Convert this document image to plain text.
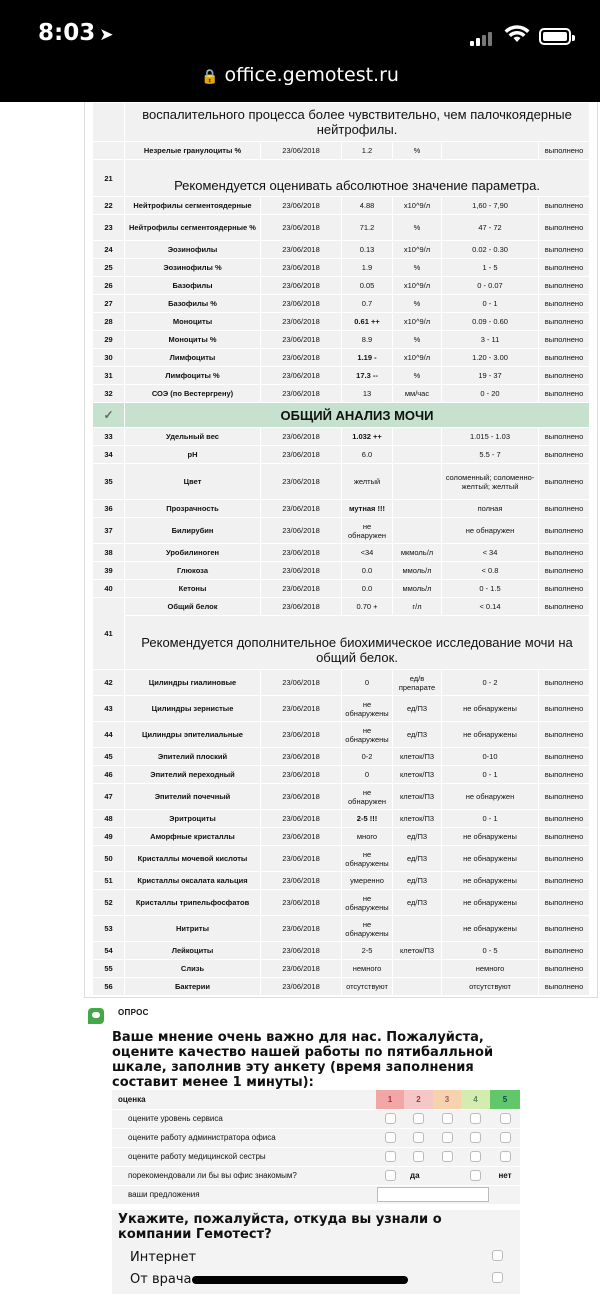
8:03 ➤
🔒 office.gemotest.ru
	воспалительного процесса более чувствительно, чем палочкоядерные нейтрофилы.					
	Незрелые гранулоциты %	23/06/2018	1.2	%		выполнено
21	Рекомендуется оценивать абсолютное значение параметра.					
22	Нейтрофилы сегментоядерные	23/06/2018	4.88	x10^9/л	1,60 - 7,90	выполнено
23	Нейтрофилы сегментоядерные %	23/06/2018	71.2	%	47 - 72	выполнено
24	Эозинофилы	23/06/2018	0.13	x10^9/л	0.02 - 0.30	выполнено
25	Эозинофилы %	23/06/2018	1.9	%	1 - 5	выполнено
26	Базофилы	23/06/2018	0.05	x10^9/л	0 - 0.07	выполнено
27	Базофилы %	23/06/2018	0.7	%	0 - 1	выполнено
28	Моноциты	23/06/2018	0.61 ++	x10^9/л	0.09 - 0.60	выполнено
29	Моноциты %	23/06/2018	8.9	%	3 - 11	выполнено
30	Лимфоциты	23/06/2018	1.19 -	x10^9/л	1.20 - 3.00	выполнено
31	Лимфоциты %	23/06/2018	17.3 --	%	19 - 37	выполнено
32	СОЭ (по Вестергрену)	23/06/2018	13	мм/час	0 - 20	выполнено
✓	ОБЩИЙ АНАЛИЗ МОЧИ					
33	Удельный вес	23/06/2018	1.032 ++		1.015 - 1.03	выполнено
34	pH	23/06/2018	6.0		5.5 - 7	выполнено
35	Цвет	23/06/2018	желтый		соломенный; соломенно-желтый; желтый	выполнено
36	Прозрачность	23/06/2018	мутная !!!		полная	выполнено
37	Билирубин	23/06/2018	не обнаружен		не обнаружен	выполнено
38	Уробилиноген	23/06/2018	<34	мкмоль/л	< 34	выполнено
39	Глюкоза	23/06/2018	0.0	ммоль/л	< 0.8	выполнено
40	Кетоны	23/06/2018	0.0	ммоль/л	0 - 1.5	выполнено
41	Общий белок	23/06/2018	0.70 +	г/л	< 0.14	выполнено
	Рекомендуется дополнительное биохимическое исследование мочи на общий белок.					
42	Цилиндры гиалиновые	23/06/2018	0	ед/в препарате	0 - 2	выполнено
43	Цилиндры зернистые	23/06/2018	не обнаружены	ед/П3	не обнаружены	выполнено
44	Цилиндры эпителиальные	23/06/2018	не обнаружены	ед/П3	не обнаружены	выполнено
45	Эпителий плоский	23/06/2018	0-2	клеток/П3	0-10	выполнено
46	Эпителий переходный	23/06/2018	0	клеток/П3	0 - 1	выполнено
47	Эпителий почечный	23/06/2018	не обнаружен	клеток/П3	не обнаружен	выполнено
48	Эритроциты	23/06/2018	2-5 !!!	клеток/П3	0 - 1	выполнено
49	Аморфные кристаллы	23/06/2018	много	ед/П3	не обнаружены	выполнено
50	Кристаллы мочевой кислоты	23/06/2018	не обнаружены	ед/П3	не обнаружены	выполнено
51	Кристаллы оксалата кальция	23/06/2018	умеренно	ед/П3	не обнаружены	выполнено
52	Кристаллы трипельфосфатов	23/06/2018	не обнаружены	ед/П3	не обнаружены	выполнено
53	Нитриты	23/06/2018	не обнаружены		не обнаружены	выполнено
54	Лейкоциты	23/06/2018	2-5	клеток/П3	0 - 5	выполнено
55	Слизь	23/06/2018	немного		немного	выполнено
56	Бактерии	23/06/2018	отсутствуют		отсутствуют	выполнено
ОПРОС
Ваше мнение очень важно для нас. Пожалуйста, оцените качество нашей работы по пятибалльной шкале, заполнив эту анкету (время заполнения составит менее 1 минуты):
оценка	1	2	3	4	5
оцените уровень сервиса					
оцените работу администратора офиса					
оцените работу медицинской сестры					
порекомендовали ли бы вы офис знакомым?		да			нет
ваши предложения					
Укажите, пожалуйста, откуда вы узнали о компании Гемотест?
Интернет
От врача
